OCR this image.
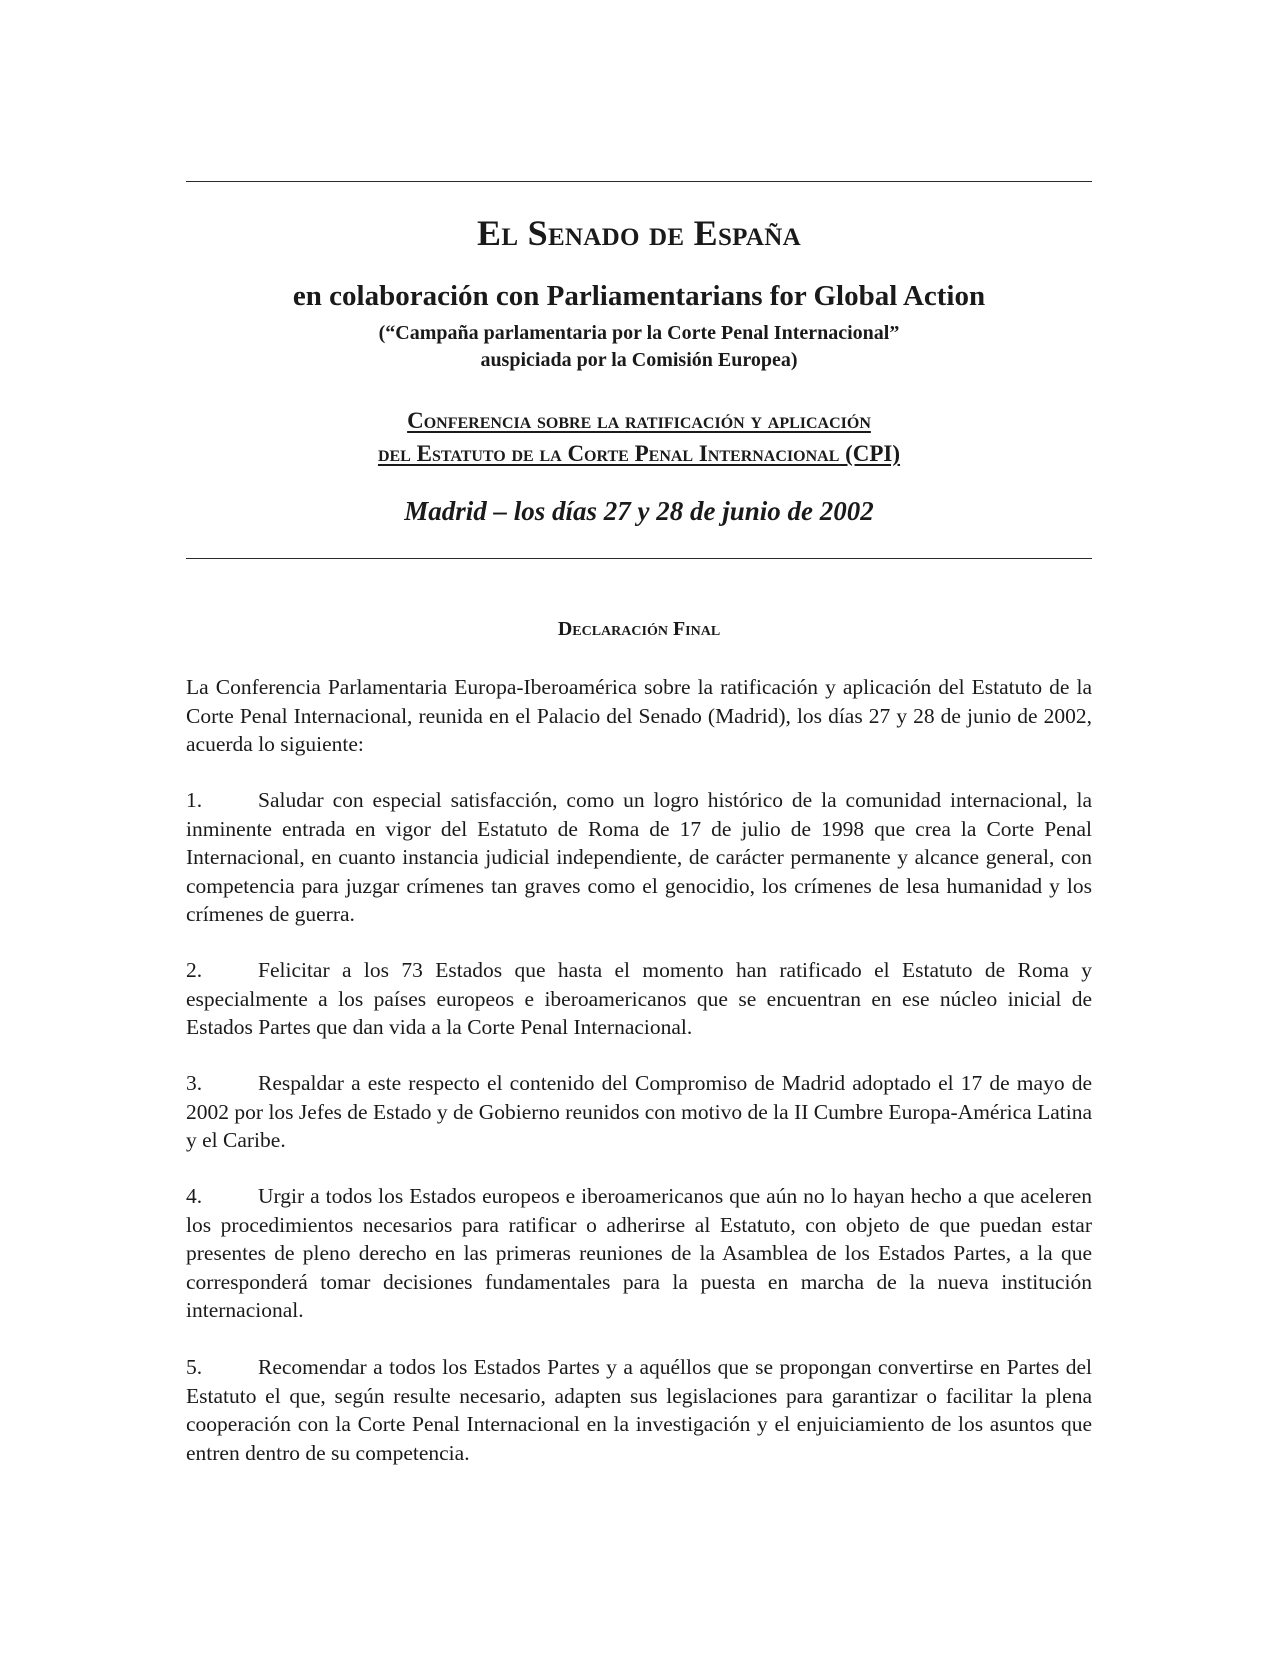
El Senado de España
en colaboración con Parliamentarians for Global Action
(“Campaña parlamentaria por la Corte Penal Internacional”
auspiciada por la Comisión Europea)
Conferencia sobre la ratificación y aplicación
del Estatuto de la Corte Penal Internacional (CPI)
Madrid – los días 27 y 28 de junio de 2002
Declaración Final

La Conferencia Parlamentaria Europa-Iberoamérica sobre la ratificación y aplicación del Estatuto de la Corte Penal Internacional, reunida en el Palacio del Senado (Madrid), los días 27 y 28 de junio de 2002, acuerda lo siguiente:

1.	Saludar con especial satisfacción, como un logro histórico de la comunidad internacional, la inminente entrada en vigor del Estatuto de Roma de 17 de julio de 1998 que crea la Corte Penal Internacional, en cuanto instancia judicial independiente, de carácter permanente y alcance general, con competencia para juzgar crímenes tan graves como el genocidio, los crímenes de lesa humanidad y los crímenes de guerra.

2.	Felicitar a los 73 Estados que hasta el momento han ratificado el Estatuto de Roma y especialmente a los países europeos e iberoamericanos que se encuentran en ese núcleo inicial de Estados Partes que dan vida a la Corte Penal Internacional.

3.	Respaldar a este respecto el contenido del Compromiso de Madrid adoptado el 17 de mayo de 2002 por los Jefes de Estado y de Gobierno reunidos con motivo de la II Cumbre Europa-América Latina y el Caribe.

4.	Urgir a todos los Estados europeos e iberoamericanos que aún no lo hayan hecho a que aceleren los procedimientos necesarios para ratificar o adherirse al Estatuto, con objeto de que puedan estar presentes de pleno derecho en las primeras reuniones de la Asamblea de los Estados Partes, a la que corresponderá tomar decisiones fundamentales para la puesta en marcha de la nueva institución internacional.

5.	Recomendar a todos los Estados Partes y a aquéllos que se propongan convertirse en Partes del Estatuto el que, según resulte necesario, adapten sus legislaciones para garantizar o facilitar la plena cooperación con la Corte Penal Internacional en la investigación y el enjuiciamiento de los asuntos que entren dentro de su competencia.
